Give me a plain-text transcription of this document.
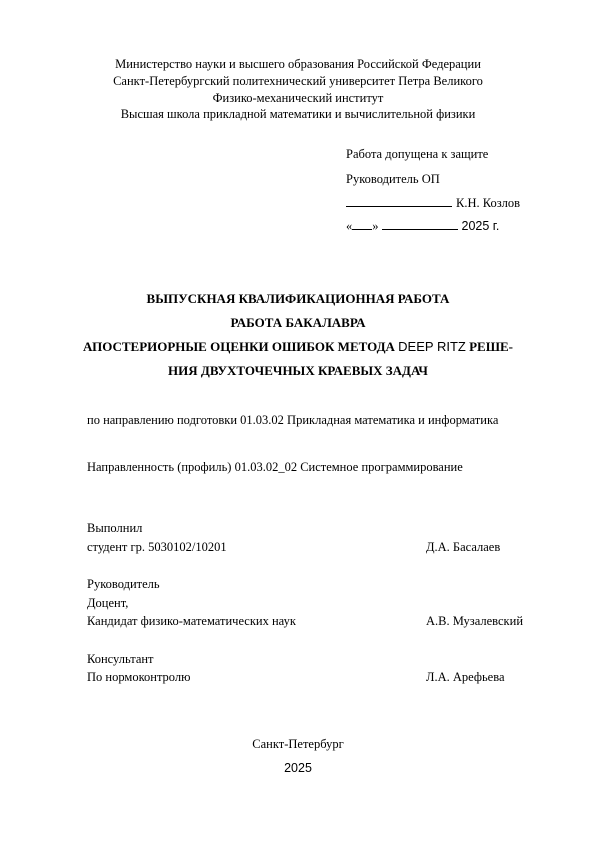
Министерство науки и высшего образования Российской Федерации
Санкт-Петербургский политехнический университет Петра Великого
Физико-механический институт
Высшая школа прикладной математики и вычислительной физики
Работа допущена к защите
Руководитель ОП
К.Н. Козлов
« »	2025 г.
ВЫПУСКНАЯ КВАЛИФИКАЦИОННАЯ РАБОТА
РАБОТА БАКАЛАВРА
АПОСТЕРИОРНЫЕ ОЦЕНКИ ОШИБОК МЕТОДА DEEP RITZ РЕШЕ-
НИЯ ДВУХТОЧЕЧНЫХ КРАЕВЫХ ЗАДАЧ
по направлению подготовки 01.03.02 Прикладная математика и информатика
Направленность (профиль) 01.03.02_02 Системное программирование
Выполнил
студент гр. 5030102/10201	Д.А. Басалаев
Руководитель
Доцент,
Кандидат физико-математических наук	А.В. Музалевский
Консультант
По нормоконтролю	Л.А. Арефьева
Санкт-Петербург
2025
